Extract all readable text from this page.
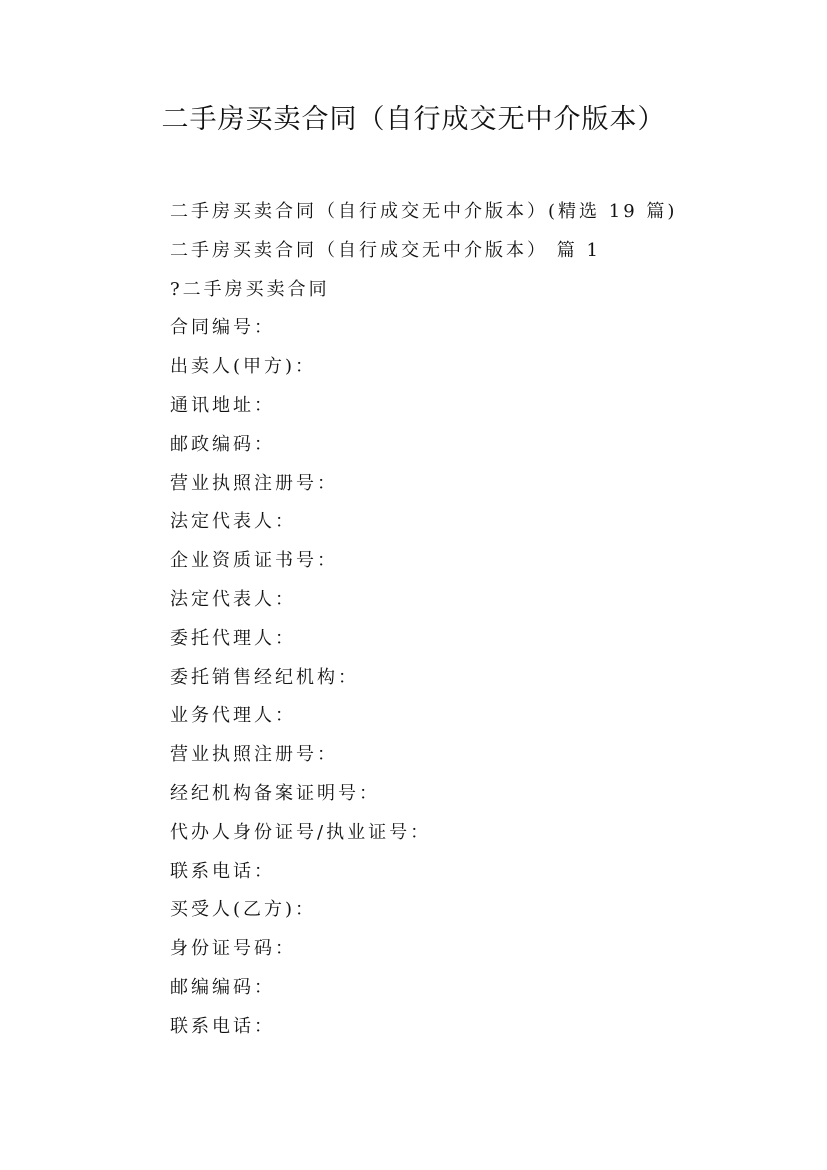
二手房买卖合同（自行成交无中介版本）
二手房买卖合同（自行成交无中介版本）(精选 19 篇)
二手房买卖合同（自行成交无中介版本） 篇 1
?二手房买卖合同
合同编号：
出卖人(甲方)：
通讯地址：
邮政编码：
营业执照注册号：
法定代表人：
企业资质证书号：
法定代表人：
委托代理人：
委托销售经纪机构：
业务代理人：
营业执照注册号：
经纪机构备案证明号：
代办人身份证号/执业证号：
联系电话：
买受人(乙方)：
身份证号码：
邮编编码：
联系电话：
